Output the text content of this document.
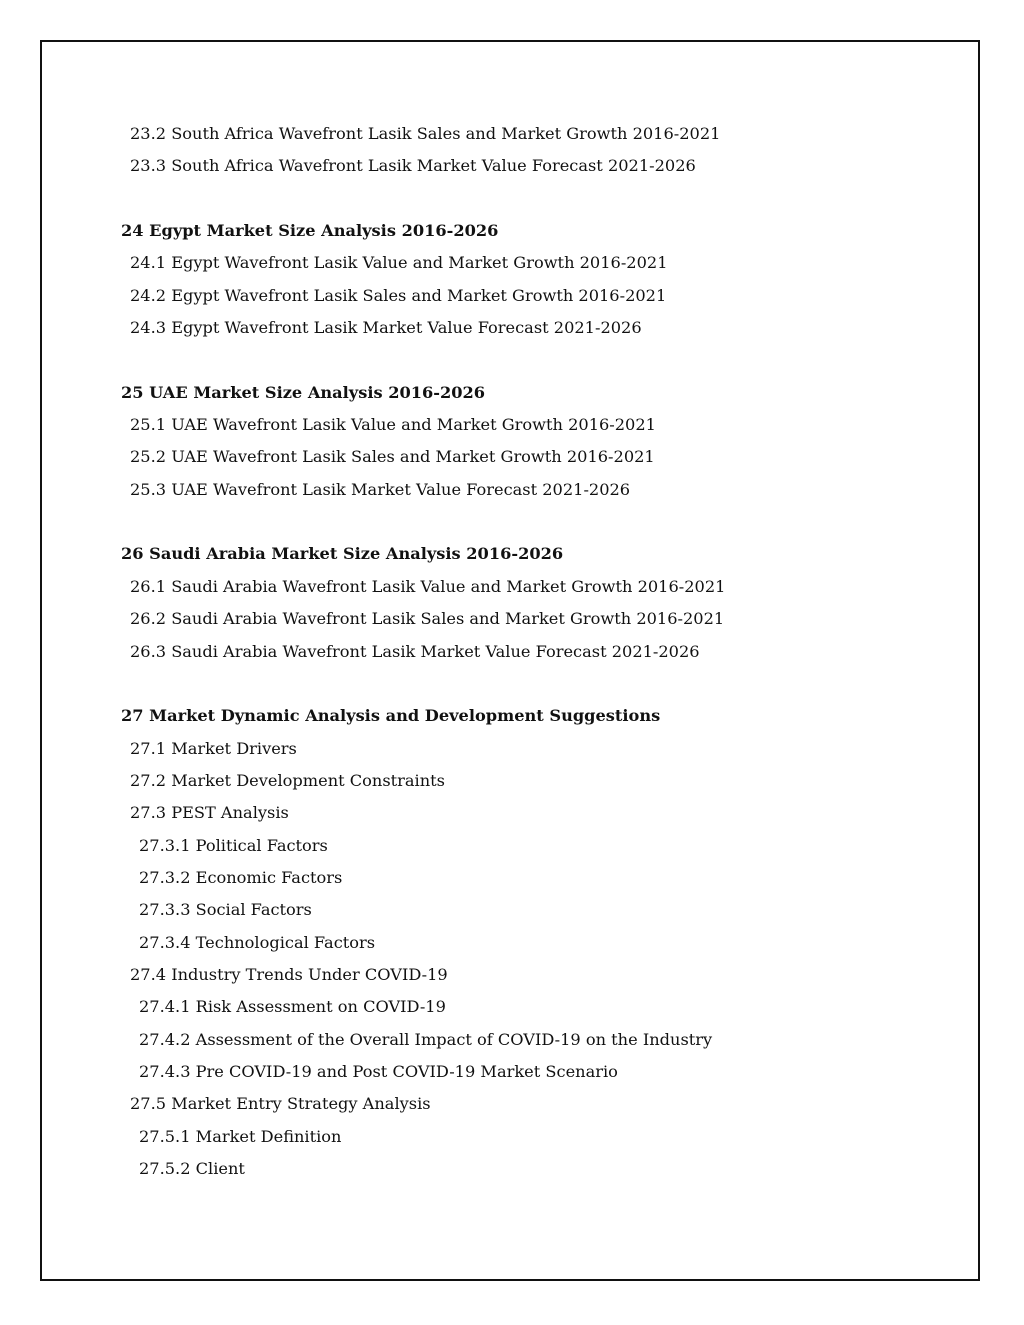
23.2 South Africa Wavefront Lasik Sales and Market Growth 2016-2021
23.3 South Africa Wavefront Lasik Market Value Forecast 2021-2026
24 Egypt Market Size Analysis 2016-2026
24.1 Egypt Wavefront Lasik Value and Market Growth 2016-2021
24.2 Egypt Wavefront Lasik Sales and Market Growth 2016-2021
24.3 Egypt Wavefront Lasik Market Value Forecast 2021-2026
25 UAE Market Size Analysis 2016-2026
25.1 UAE Wavefront Lasik Value and Market Growth 2016-2021
25.2 UAE Wavefront Lasik Sales and Market Growth 2016-2021
25.3 UAE Wavefront Lasik Market Value Forecast 2021-2026
26 Saudi Arabia Market Size Analysis 2016-2026
26.1 Saudi Arabia Wavefront Lasik Value and Market Growth 2016-2021
26.2 Saudi Arabia Wavefront Lasik Sales and Market Growth 2016-2021
26.3 Saudi Arabia Wavefront Lasik Market Value Forecast 2021-2026
27 Market Dynamic Analysis and Development Suggestions
27.1 Market Drivers
27.2 Market Development Constraints
27.3 PEST Analysis
27.3.1 Political Factors
27.3.2 Economic Factors
27.3.3 Social Factors
27.3.4 Technological Factors
27.4 Industry Trends Under COVID-19
27.4.1 Risk Assessment on COVID-19
27.4.2 Assessment of the Overall Impact of COVID-19 on the Industry
27.4.3 Pre COVID-19 and Post COVID-19 Market Scenario
27.5 Market Entry Strategy Analysis
27.5.1 Market Definition
27.5.2 Client
